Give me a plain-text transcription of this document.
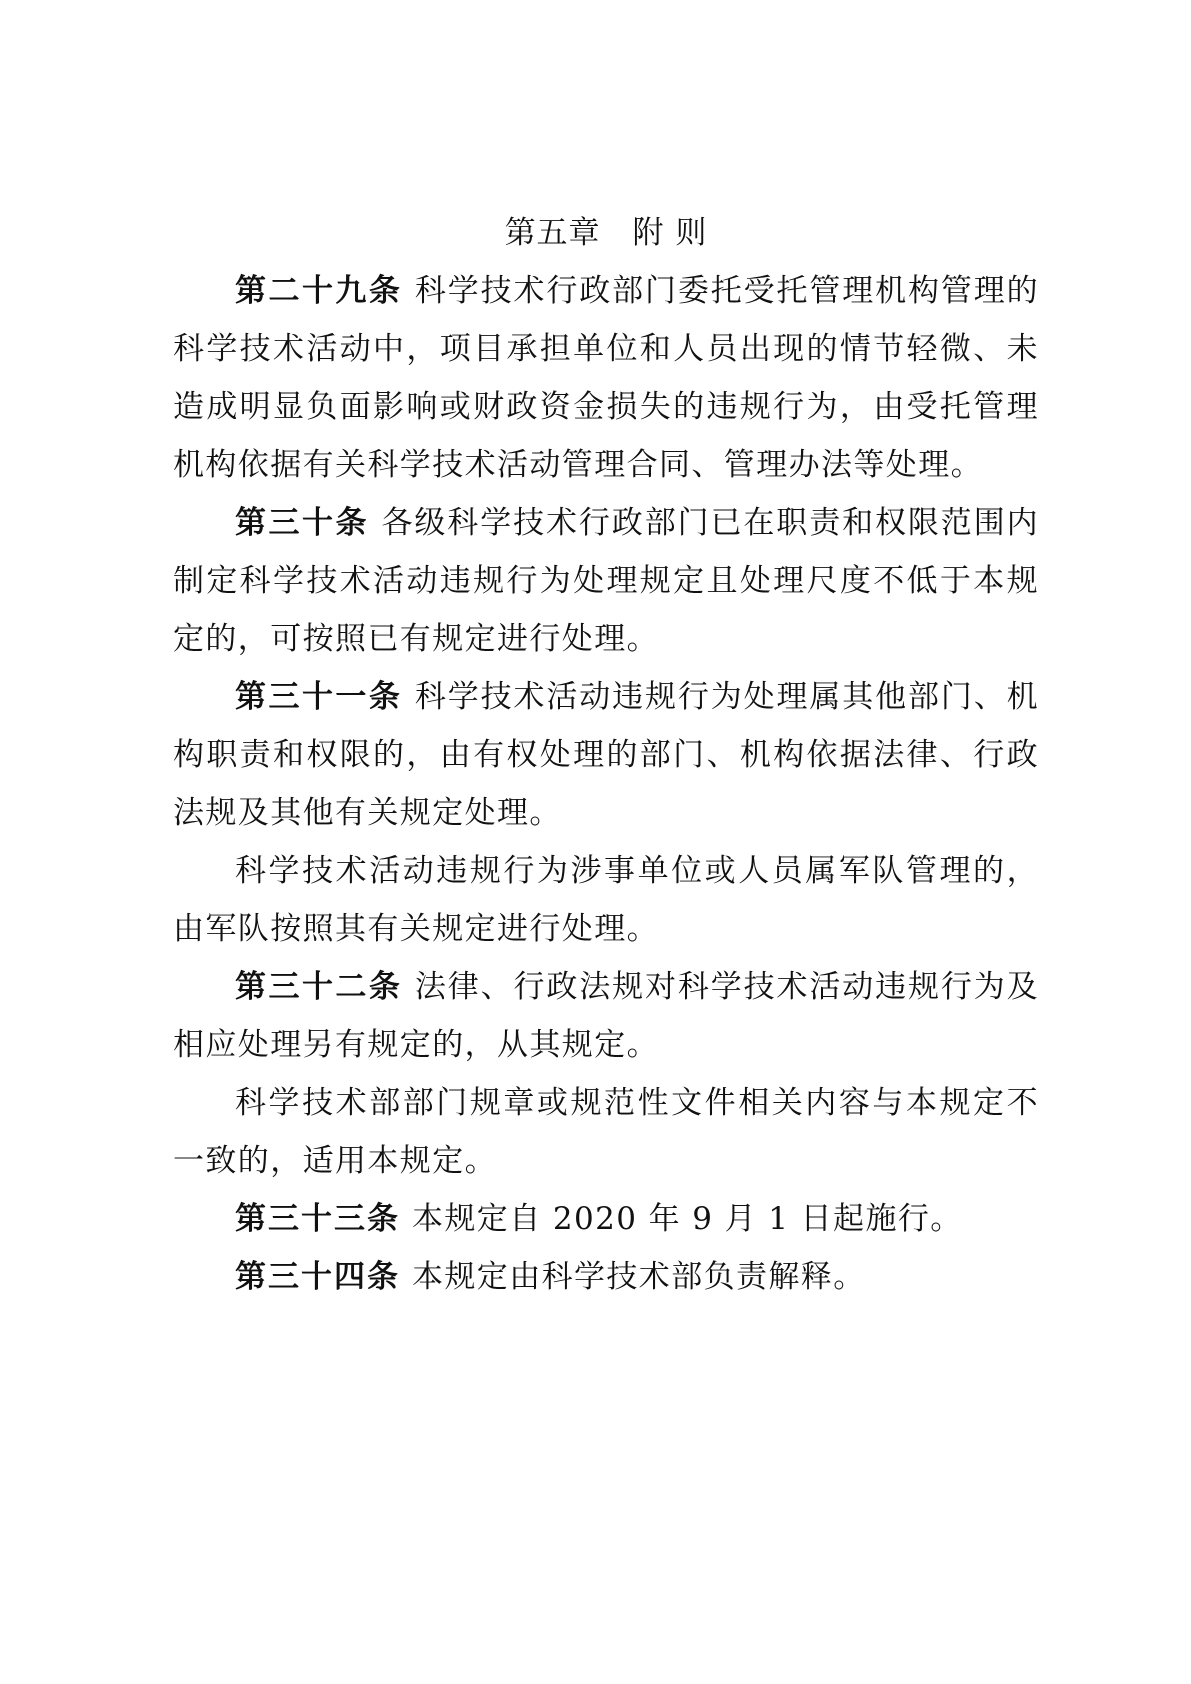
第五章　附 则

第二十九条 科学技术行政部门委托受托管理机构管理的科学技术活动中，项目承担单位和人员出现的情节轻微、未造成明显负面影响或财政资金损失的违规行为，由受托管理机构依据有关科学技术活动管理合同、管理办法等处理。

第三十条 各级科学技术行政部门已在职责和权限范围内制定科学技术活动违规行为处理规定且处理尺度不低于本规定的，可按照已有规定进行处理。

第三十一条 科学技术活动违规行为处理属其他部门、机构职责和权限的，由有权处理的部门、机构依据法律、行政法规及其他有关规定处理。

科学技术活动违规行为涉事单位或人员属军队管理的，由军队按照其有关规定进行处理。

第三十二条 法律、行政法规对科学技术活动违规行为及相应处理另有规定的，从其规定。

科学技术部部门规章或规范性文件相关内容与本规定不一致的，适用本规定。

第三十三条 本规定自 2020 年 9 月 1 日起施行。

第三十四条 本规定由科学技术部负责解释。
